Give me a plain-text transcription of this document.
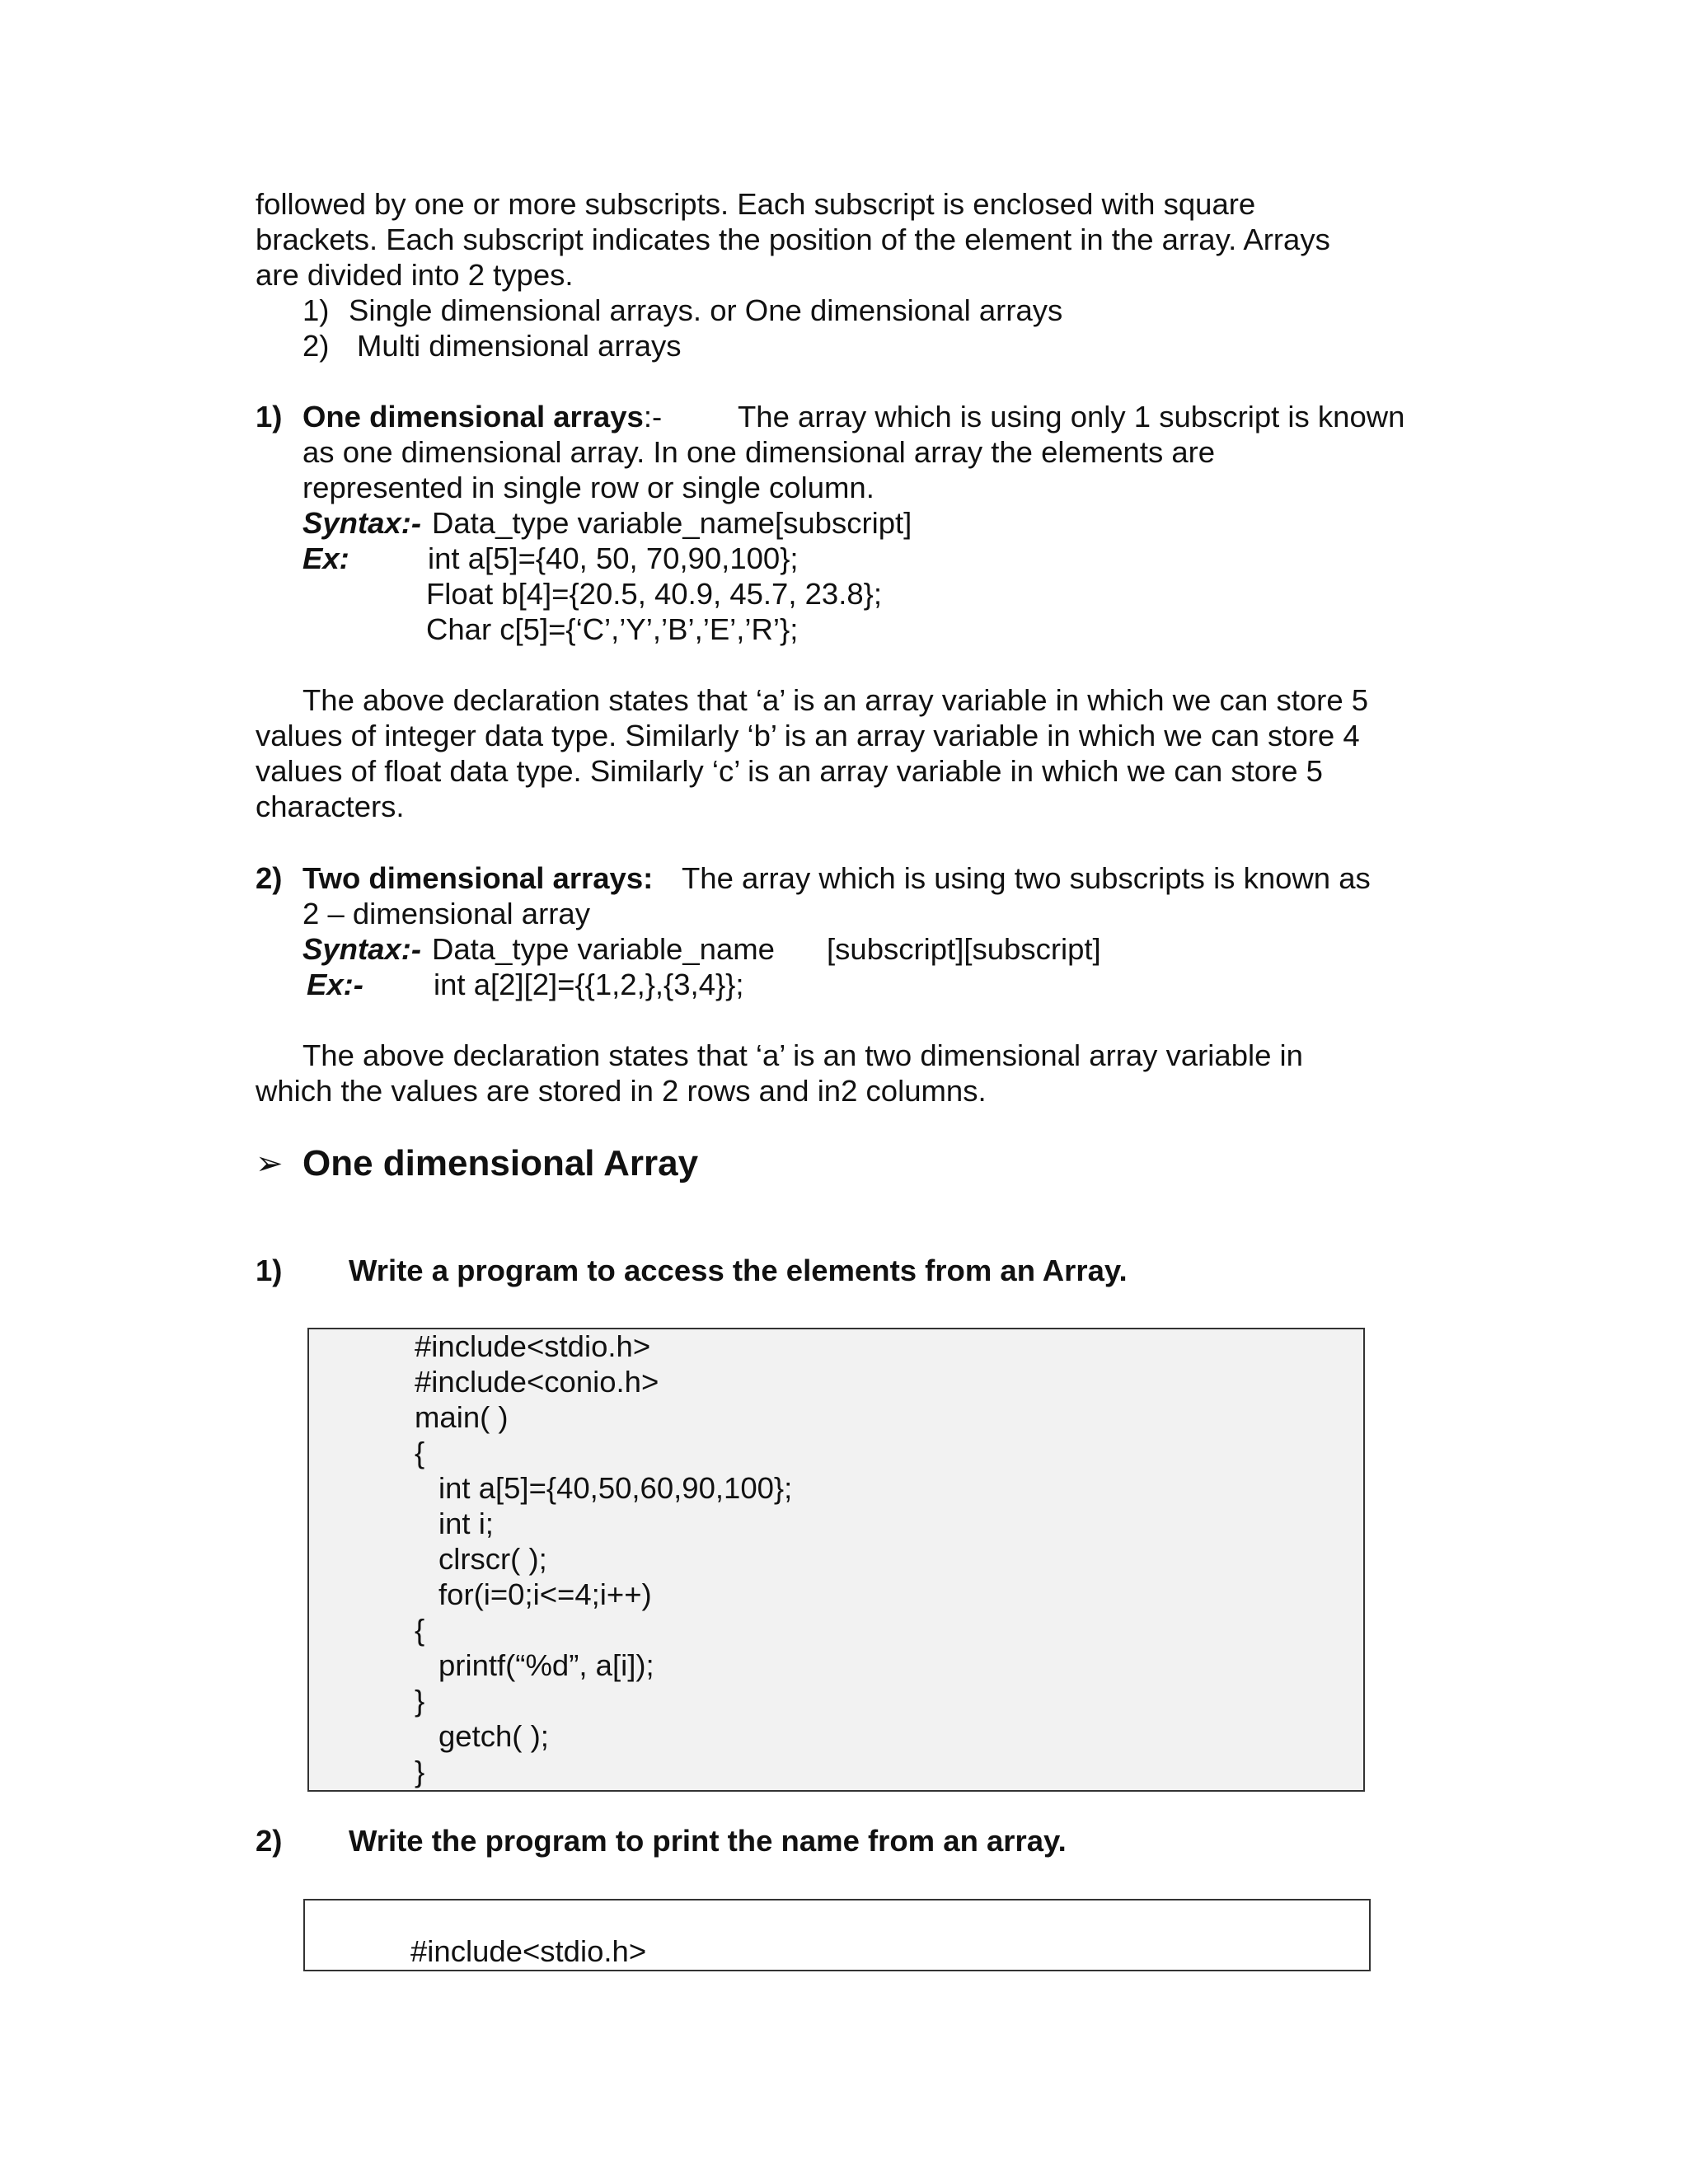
followed by one or more subscripts. Each subscript is enclosed with square
brackets. Each subscript indicates the position of the element in the array. Arrays
are divided into 2 types.
1) Single dimensional arrays. or One dimensional arrays
2) Multi dimensional arrays
1) One dimensional arrays:-	The array which is using only 1 subscript is known
as one dimensional array. In one dimensional array the elements are
represented in single row or single column.
Syntax:- Data_type variable_name[subscript]
Ex:	int a[5]={40, 50, 70,90,100};
Float b[4]={20.5, 40.9, 45.7, 23.8};
Char c[5]={‘C’,’Y’,’B’,’E’,’R’};
The above declaration states that ‘a’ is an array variable in which we can store 5
values of integer data type. Similarly ‘b’ is an array variable in which we can store 4
values of float data type. Similarly ‘c’ is an array variable in which we can store 5
characters.
2) Two dimensional arrays: The array which is using two subscripts is known as
2 – dimensional array
Syntax:- Data_type variable_name [subscript][subscript]
Ex:- int a[2][2]={{1,2,},{3,4}};
The above declaration states that ‘a’ is an two dimensional array variable in
which the values are stored in 2 rows and in2 columns.
➢ One dimensional Array
1) Write a program to access the elements from an Array.
#include<stdio.h>
#include<conio.h>
main( )
{
int a[5]={40,50,60,90,100};
int i;
clrscr( );
for(i=0;i<=4;i++)
{
printf(“%d”, a[i]);
}
getch( );
}
2) Write the program to print the name from an array.
#include<stdio.h>
